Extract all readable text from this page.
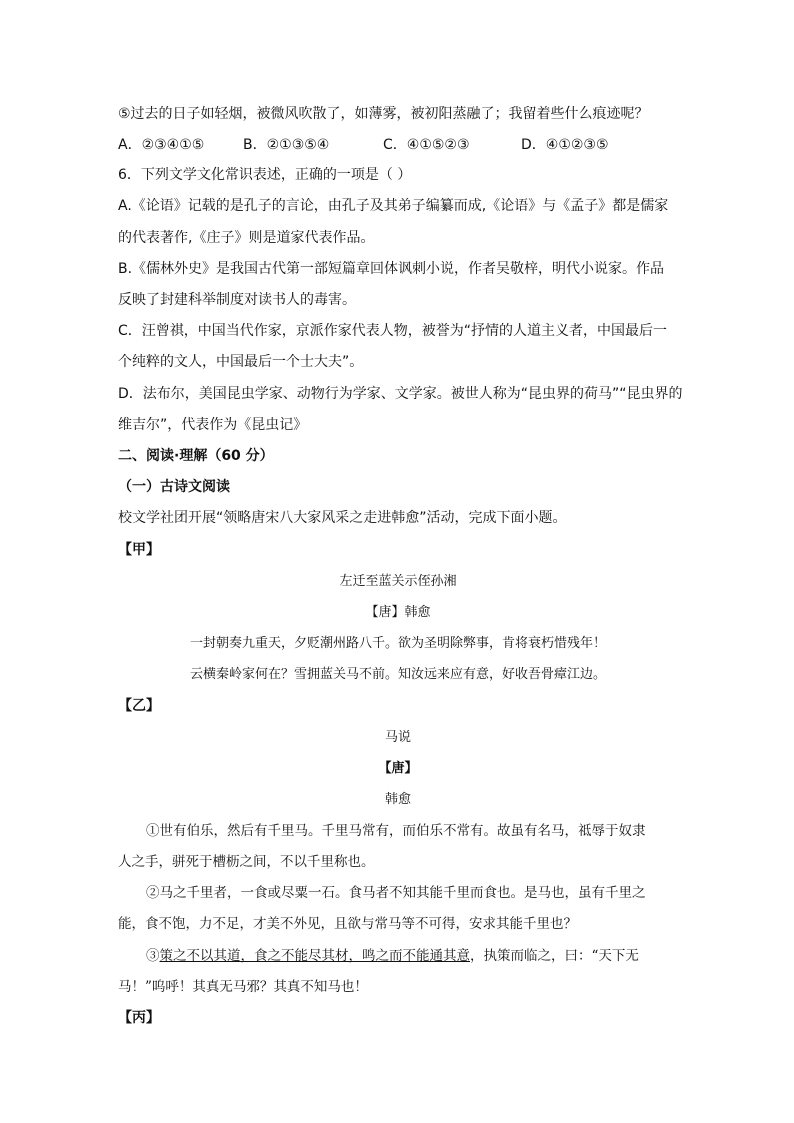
⑤过去的日子如轻烟，被微风吹散了，如薄雾，被初阳蒸融了；我留着些什么痕迹呢？
A．②③④①⑤	B．②①③⑤④	C．④①⑤②③	D．④①②③⑤
6．下列文学文化常识表述，正确的一项是（ ）
A.《论语》记载的是孔子的言论，由孔子及其弟子编纂而成,《论语》与《孟子》都是儒家
的代表著作,《庄子》则是道家代表作品。
B.《儒林外史》是我国古代第一部短篇章回体讽刺小说，作者吴敬梓，明代小说家。作品
反映了封建科举制度对读书人的毒害。
C．汪曾祺，中国当代作家，京派作家代表人物，被誉为“抒情的人道主义者，中国最后一
个纯粹的文人，中国最后一个士大夫”。
D．法布尔，美国昆虫学家、动物行为学家、文学家。被世人称为“昆虫界的荷马”“昆虫界的
维吉尔”，代表作为《昆虫记》
二、阅读·理解（60 分）
（一）古诗文阅读
校文学社团开展“领略唐宋八大家风采之走进韩愈”活动，完成下面小题。
【甲】
左迁至蓝关示侄孙湘
【唐】韩愈
一封朝奏九重天，夕贬潮州路八千。欲为圣明除弊事，肯将衰朽惜残年！
云横秦岭家何在？雪拥蓝关马不前。知汝远来应有意，好收吾骨瘴江边。
【乙】
马说
【唐】
韩愈
①世有伯乐，然后有千里马。千里马常有，而伯乐不常有。故虽有名马，祗辱于奴隶
人之手，骈死于槽枥之间，不以千里称也。
②马之千里者，一食或尽粟一石。食马者不知其能千里而食也。是马也，虽有千里之
能，食不饱，力不足，才美不外见，且欲与常马等不可得，安求其能千里也？
③策之不以其道，食之不能尽其材，鸣之而不能通其意，执策而临之，曰：“天下无
马！”呜呼！其真无马邪？其真不知马也！
【丙】
